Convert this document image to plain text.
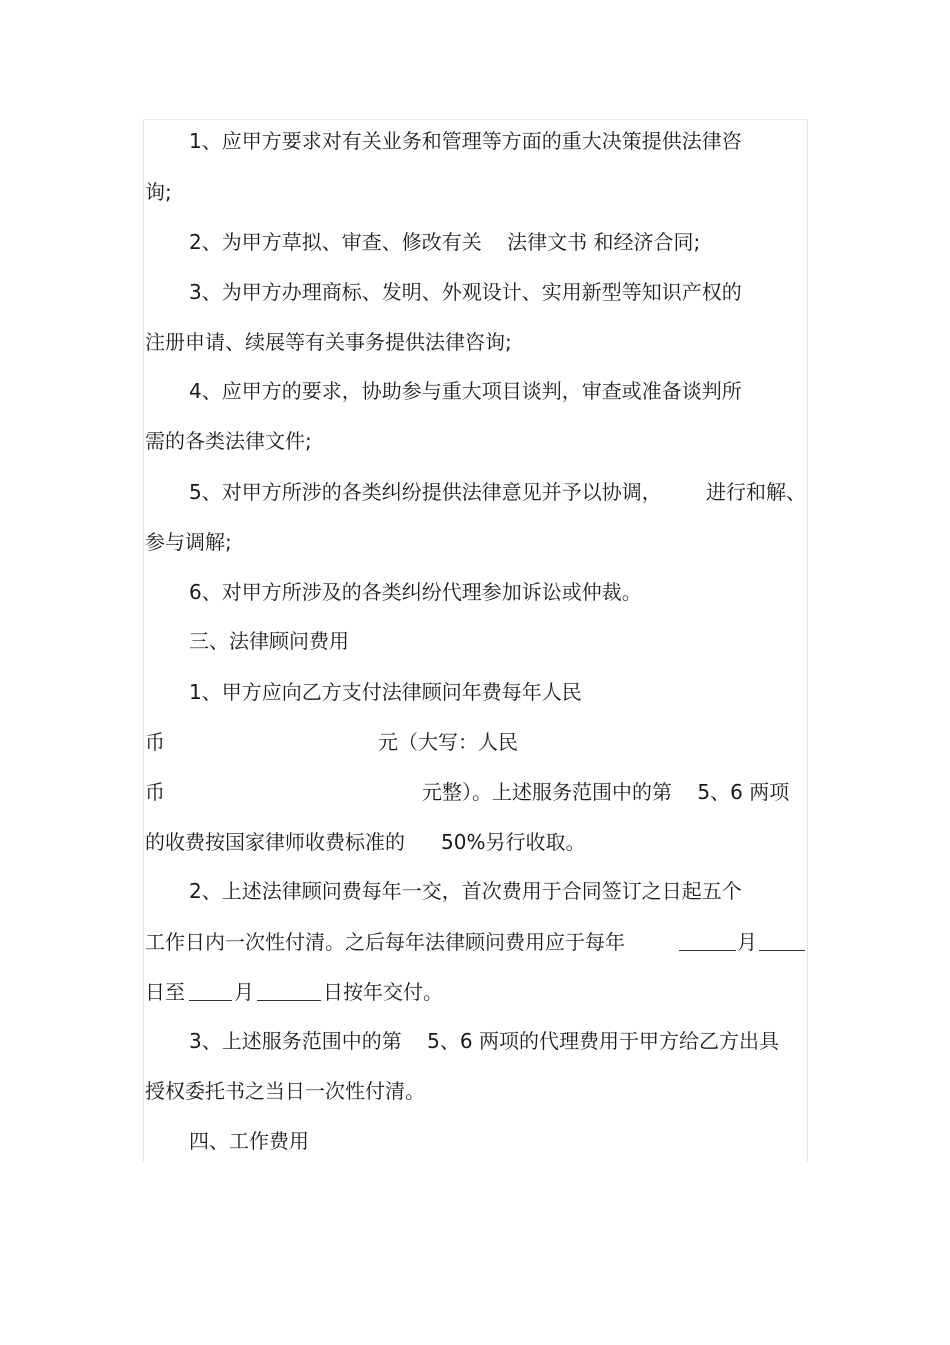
1、应甲方要求对有关业务和管理等方面的重大决策提供法律咨

询;

2、为甲方草拟、审查、修改有关    法律文书 和经济合同;

3、为甲方办理商标、发明、外观设计、实用新型等知识产权的

注册申请、续展等有关事务提供法律咨询;

4、应甲方的要求，协助参与重大项目谈判，审查或准备谈判所

需的各类法律文件;

5、对甲方所涉的各类纠纷提供法律意见并予以协调， 进行和解、

参与调解;

6、对甲方所涉及的各类纠纷代理参加诉讼或仲裁。

三、法律顾问费用

1、甲方应向乙方支付法律顾问年费每年人民

币	元（大写：人民

币	元整）。上述服务范围中的第    5、6 两项

的收费按国家律师收费标准的 50%另行收取。

2、上述法律顾问费每年一交，首次费用于合同签订之日起五个

工作日内一次性付清。之后每年法律顾问费用应于每年	月

日至 月	日按年交付。

3、上述服务范围中的第    5、6 两项的代理费用于甲方给乙方出具

授权委托书之当日一次性付清。

四、工作费用
